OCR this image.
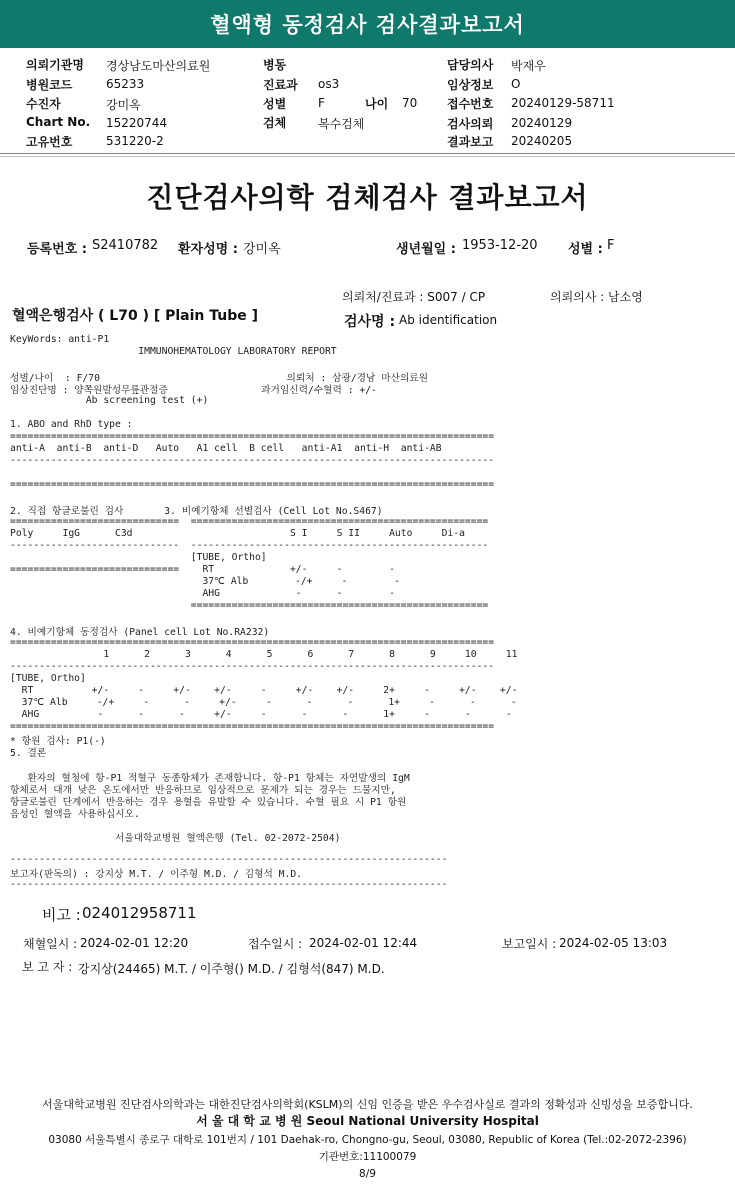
혈액형 동정검사 검사결과보고서
의뢰기관명 경상남도마산의료원
병원코드	65233
수진자	강미옥
Chart No. 15220744
고유번호	531220-2
병동
진료과 os3
성별	F	나이 70
검체	복수검체
담당의사 박재우
임상정보 O
접수번호 20240129-58711
검사의뢰 20240129
결과보고 20240205
진단검사의학 검체검사 결과보고서
등록번호 : S2410782 환자성명 : 강미옥	생년월일 : 1953-12-20 성별 : F
의뢰처/진료과 : S007 / CP	의뢰의사 : 남소영
혈액은행검사 ( L70 ) [ Plain Tube ]	검사명 : Ab identification
KeyWords: anti-P1
IMMUNOHEMATOLOGY LABORATORY REPORT
성별/나이  : F/70                                의뢰처 : 삼광/경남 마산의료원
임상진단명 : 양쪽원발성무릎관절증                과거임신력/수혈력 : +/-
Ab screening test (+)
1. ABO and RhD type :
===================================================================================
anti-A  anti-B  anti-D   Auto   A1 cell  B cell   anti-A1  anti-H  anti-AB
-----------------------------------------------------------------------------------
===================================================================================
2. 직접 항글로불린 검사       3. 비예기항체 선별검사 (Cell Lot No.S467)
=============================  ===================================================
Poly     IgG      C3d                           S I     S II     Auto     Di-a
-----------------------------  ---------------------------------------------------
[TUBE, Ortho]
=============================    RT             +/-     -        -
37℃ Alb        -/+     -        -
AHG             -      -        -
===================================================
4. 비예기항체 동정검사 (Panel cell Lot No.RA232)
===================================================================================
1      2      3      4      5      6      7      8      9     10     11
-----------------------------------------------------------------------------------
[TUBE, Ortho]
RT          +/-     -     +/-    +/-     -     +/-    +/-     2+     -     +/-    +/-
37℃ Alb     -/+     -      -     +/-     -      -      -      1+     -      -      -
AHG          -      -      -     +/-     -      -      -      1+     -      -      -
===================================================================================
* 항원 검사: P1(-)
5. 결론
환자의 혈청에 항-P1 적혈구 동종항체가 존재합니다. 항-P1 항체는 자연발생의 IgM
항체로서 대개 낮은 온도에서만 반응하므로 임상적으로 문제가 되는 경우는 드물지만,
항글로불린 단계에서 반응하는 경우 용혈을 유발할 수 있습니다. 수혈 필요 시 P1 항원
음성인 혈액을 사용하십시오.
서울대학교병원 혈액은행 (Tel. 02-2072-2504)
---------------------------------------------------------------------------
보고자(판독의) : 강지상 M.T. / 이주형 M.D. / 김형석 M.D.
---------------------------------------------------------------------------
비고 : 024012958711
채혈일시 : 2024-02-01 12:20	접수일시 : 2024-02-01 12:44	보고일시 : 2024-02-05 13:03
보 고 자 : 강지상(24465) M.T. / 이주형() M.D. / 김형석(847) M.D.
서울대학교병원 진단검사의학과는 대한진단검사의학회(KSLM)의 신임 인증을 받은 우수검사실로 결과의 정확성과 신빙성을 보증합니다.
서 울 대 학 교 병 원 Seoul National University Hospital
03080 서울특별시 종로구 대학로 101번지 / 101 Daehak-ro, Chongno-gu, Seoul, 03080, Republic of Korea (Tel.:02-2072-2396)
기관번호:11100079
8/9
